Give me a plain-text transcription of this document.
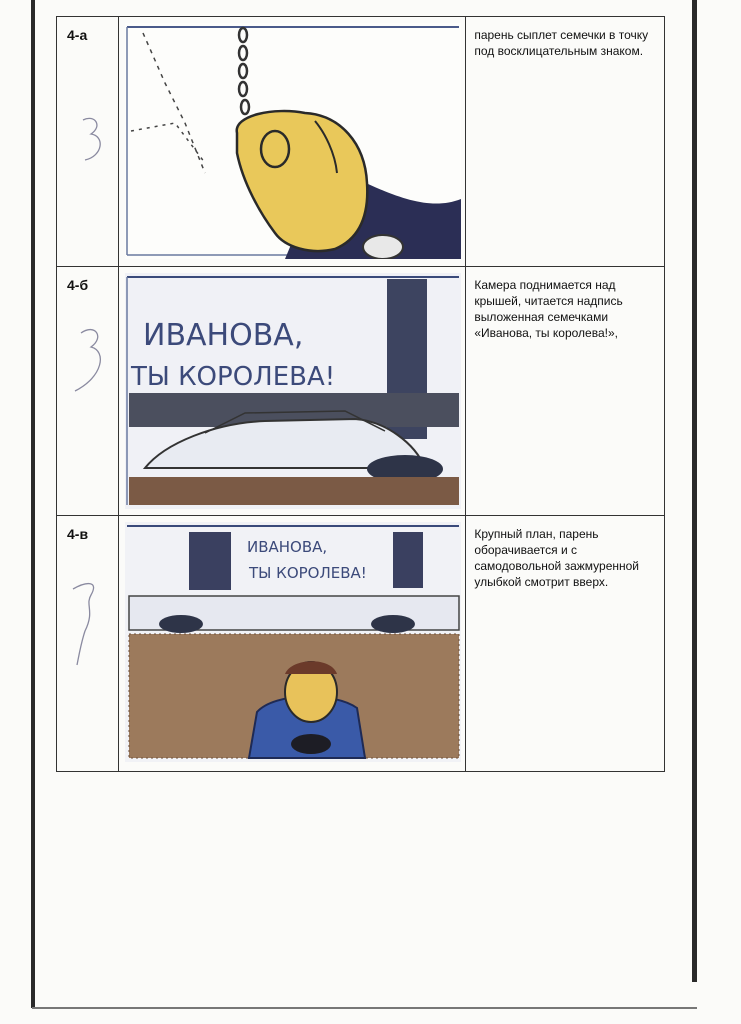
4-а		парень сыплет семечки в точку под восклицательным знаком.

4-б	ИВАНОВА,
ТЫ КОРОЛЕВА!	Камера поднимается над крышей, читается надпись выложенная семечками «Иванова, ты королева!»,

4-в	ИВАНОВА,
ТЫ КОРОЛЕВА!	Крупный план, парень оборачивается и с самодовольной зажмуренной улыбкой смотрит вверх.
